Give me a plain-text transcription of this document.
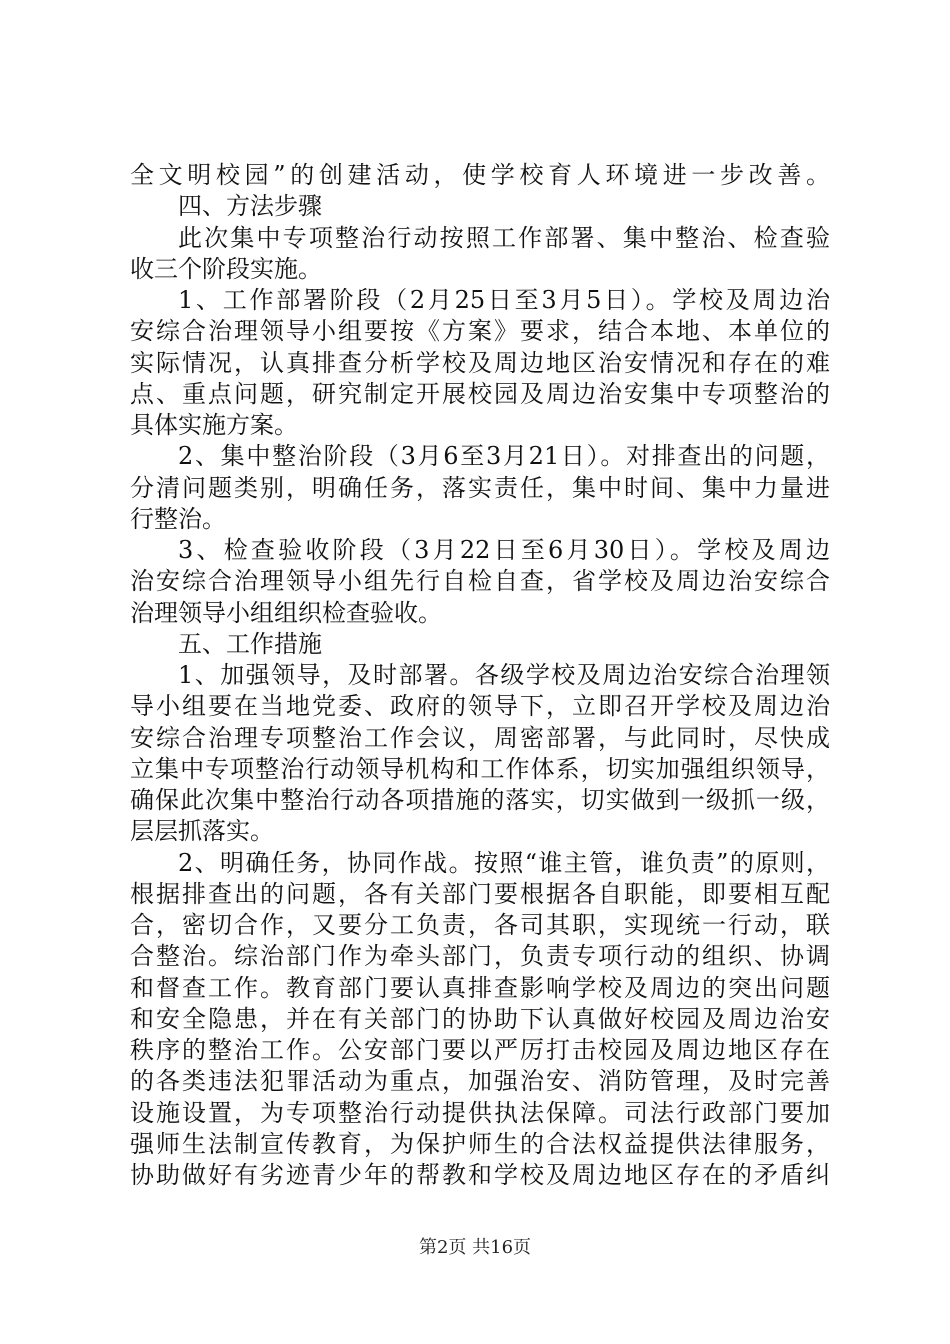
全文明校园”的创建活动，使学校育人环境进一步改善。
四、方法步骤
此次集中专项整治行动按照工作部署、集中整治、检查验
收三个阶段实施。
1、工作部署阶段（2月25日至3月5日）。学校及周边治
安综合治理领导小组要按《方案》要求，结合本地、本单位的
实际情况，认真排查分析学校及周边地区治安情况和存在的难
点、重点问题，研究制定开展校园及周边治安集中专项整治的
具体实施方案。
2、集中整治阶段（3月6至3月21日）。对排查出的问题，
分清问题类别，明确任务，落实责任，集中时间、集中力量进
行整治。
3、检查验收阶段（3月22日至6月30日）。学校及周边
治安综合治理领导小组先行自检自查，省学校及周边治安综合
治理领导小组组织检查验收。
五、工作措施
1、加强领导，及时部署。各级学校及周边治安综合治理领
导小组要在当地党委、政府的领导下，立即召开学校及周边治
安综合治理专项整治工作会议，周密部署，与此同时，尽快成
立集中专项整治行动领导机构和工作体系，切实加强组织领导，
确保此次集中整治行动各项措施的落实，切实做到一级抓一级，
层层抓落实。
2、明确任务，协同作战。按照“谁主管，谁负责”的原则，
根据排查出的问题，各有关部门要根据各自职能，即要相互配
合，密切合作，又要分工负责，各司其职，实现统一行动，联
合整治。综治部门作为牵头部门，负责专项行动的组织、协调
和督查工作。教育部门要认真排查影响学校及周边的突出问题
和安全隐患，并在有关部门的协助下认真做好校园及周边治安
秩序的整治工作。公安部门要以严厉打击校园及周边地区存在
的各类违法犯罪活动为重点，加强治安、消防管理，及时完善
设施设置，为专项整治行动提供执法保障。司法行政部门要加
强师生法制宣传教育，为保护师生的合法权益提供法律服务，
协助做好有劣迹青少年的帮教和学校及周边地区存在的矛盾纠
第2页 共16页
